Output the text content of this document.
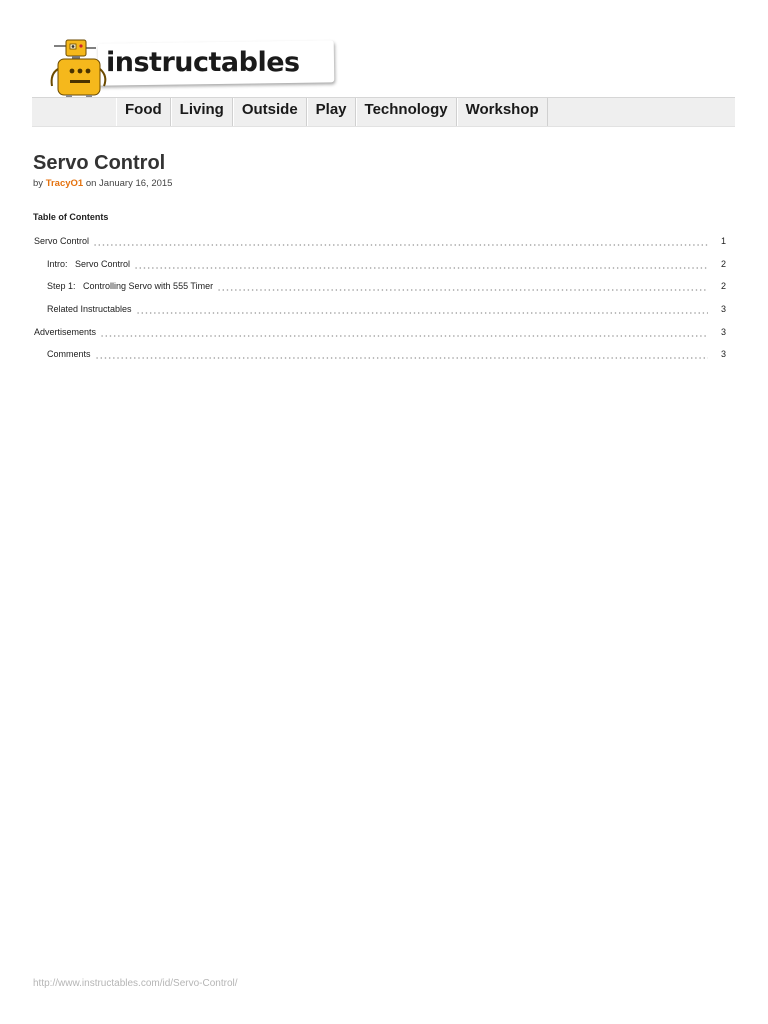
instructables
Food	Living	Outside	Play	Technology	Workshop
Servo Control
by TracyO1 on January 16, 2015
Table of Contents
Servo Control	1
Intro:   Servo Control	2
Step 1:   Controlling Servo with 555 Timer	2
Related Instructables	3
Advertisements	3
Comments	3
http://www.instructables.com/id/Servo-Control/
